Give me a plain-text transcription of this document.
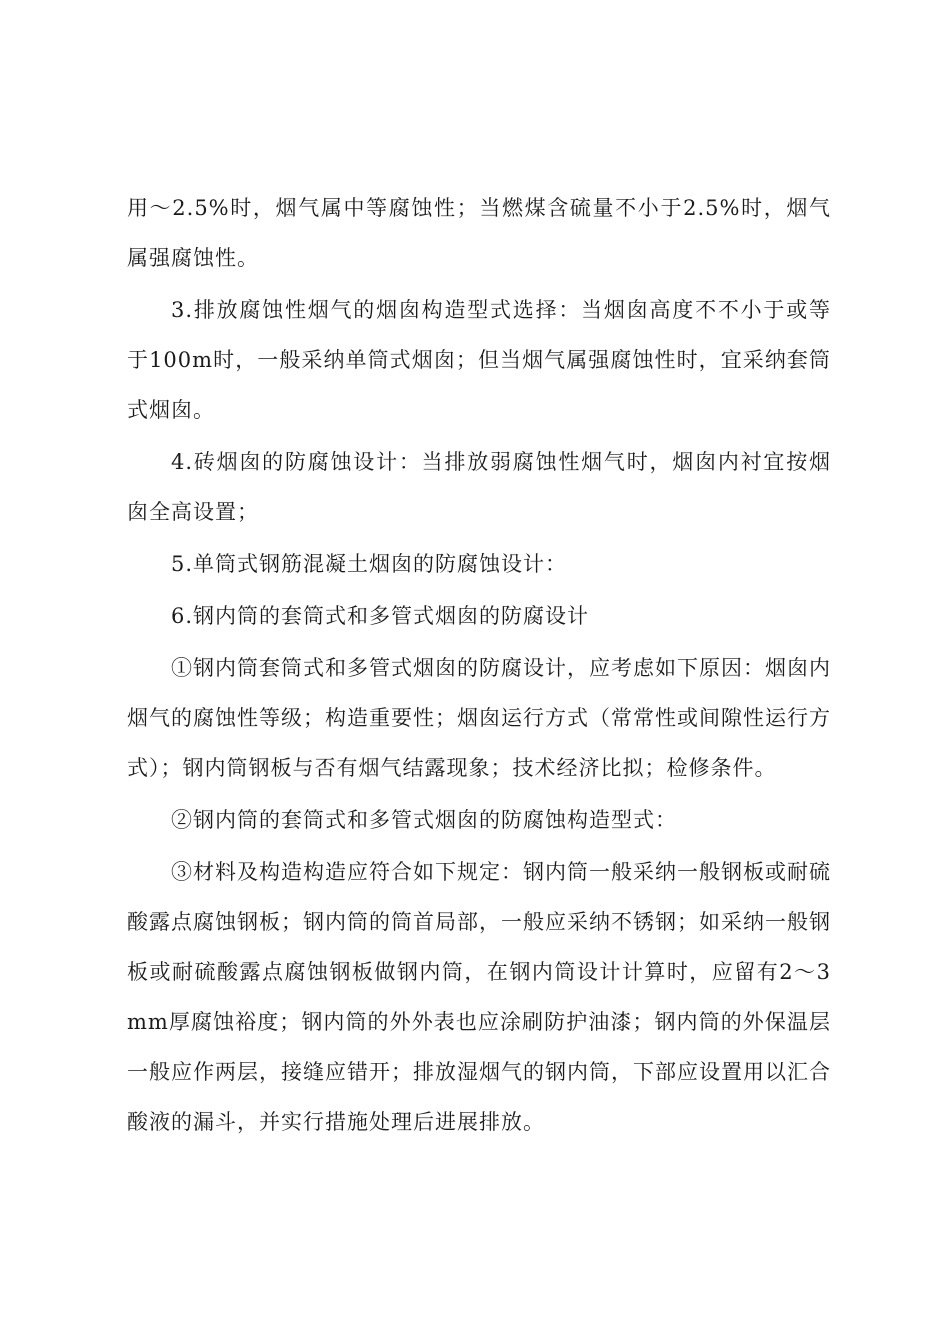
用～2.5%时，烟气属中等腐蚀性；当燃煤含硫量不小于2.5%时，烟气属强腐蚀性。

3.排放腐蚀性烟气的烟囱构造型式选择：当烟囱高度不不小于或等于100m时，一般采纳单筒式烟囱；但当烟气属强腐蚀性时，宜采纳套筒式烟囱。

4.砖烟囱的防腐蚀设计：当排放弱腐蚀性烟气时，烟囱内衬宜按烟囱全高设置；

5.单筒式钢筋混凝土烟囱的防腐蚀设计：

6.钢内筒的套筒式和多管式烟囱的防腐设计

①钢内筒套筒式和多管式烟囱的防腐设计，应考虑如下原因：烟囱内烟气的腐蚀性等级；构造重要性；烟囱运行方式（常常性或间隙性运行方式）；钢内筒钢板与否有烟气结露现象；技术经济比拟；检修条件。

②钢内筒的套筒式和多管式烟囱的防腐蚀构造型式：

③材料及构造构造应符合如下规定：钢内筒一般采纳一般钢板或耐硫酸露点腐蚀钢板；钢内筒的筒首局部，一般应采纳不锈钢；如采纳一般钢板或耐硫酸露点腐蚀钢板做钢内筒，在钢内筒设计计算时，应留有2～3mm厚腐蚀裕度；钢内筒的外外表也应涂刷防护油漆；钢内筒的外保温层一般应作两层，接缝应错开；排放湿烟气的钢内筒，下部应设置用以汇合酸液的漏斗，并实行措施处理后进展排放。
